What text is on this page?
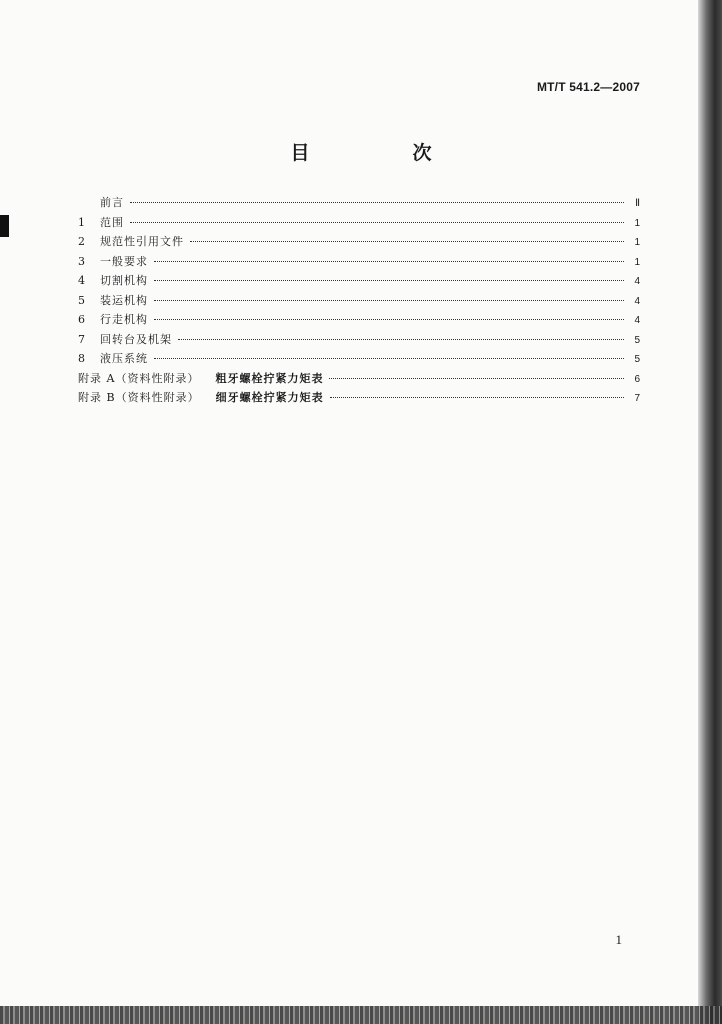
MT/T 541.2—2007
目　次
前言	Ⅱ
1	范围	1
2	规范性引用文件	1
3	一般要求	1
4	切割机构	4
5	装运机构	4
6	行走机构	4
7	回转台及机架	5
8	液压系统	5
附录 A（资料性附录） 粗牙螺栓拧紧力矩表	6
附录 B（资料性附录） 细牙螺栓拧紧力矩表	7
1
